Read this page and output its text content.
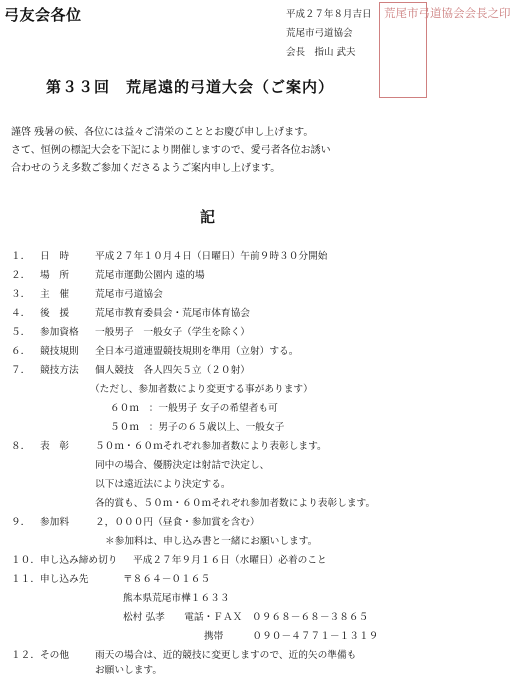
弓友会各位	平成２７年８月吉日
荒尾市弓道協会
会長　指山 武夫
荒尾市弓道協会会長之印
第３３回　荒尾遠的弓道大会（ご案内）
謹啓 残暑の候、各位には益々ご清栄のこととお慶び申し上げます。
さて、恒例の標記大会を下記により開催しますので、愛弓者各位お誘い
合わせのうえ多数ご参加くださるようご案内申し上げます。
記
１． 日　時	平成２７年１０月４日（日曜日）午前９時３０分開始
２． 場　所	荒尾市運動公園内 遠的場
３． 主　催	荒尾市弓道協会
４． 後　援	荒尾市教育委員会・荒尾市体育協会
５． 参加資格 一般男子　一般女子（学生を除く）
６． 競技規則 全日本弓道連盟競技規則を準用（立射）する。
７． 競技方法 個人競技　各人四矢５立（２０射）
（ただし、参加者数により変更する事があります）
６０ｍ　：一般男子 女子の希望者も可
５０ｍ　：男子の６５歳以上、一般女子
８． 表　彰	５０ｍ・６０ｍそれぞれ参加者数により表彰します。
同中の場合、優勝決定は射詰で決定し、
以下は遠近法により決定する。
各的賞も、５０ｍ・６０ｍそれぞれ参加者数により表彰します。
９． 参加料	２，０００円（昼食・参加賞を含む）
＊参加料は、申し込み書と一緒にお願いします。
１０． 申し込み締め切り 平成２７年９月１６日（水曜日）必着のこと
１１． 申し込み先	〒８６４－０１６５
熊本県荒尾市樺１６３３
松村 弘孝　　電話・ＦＡＸ　０９６８－６８－３８６５
携帯　　　０９０－４７７１－１３１９
１２． その他	雨天の場合は、近的競技に変更しますので、近的矢の準備も
お願いします。
